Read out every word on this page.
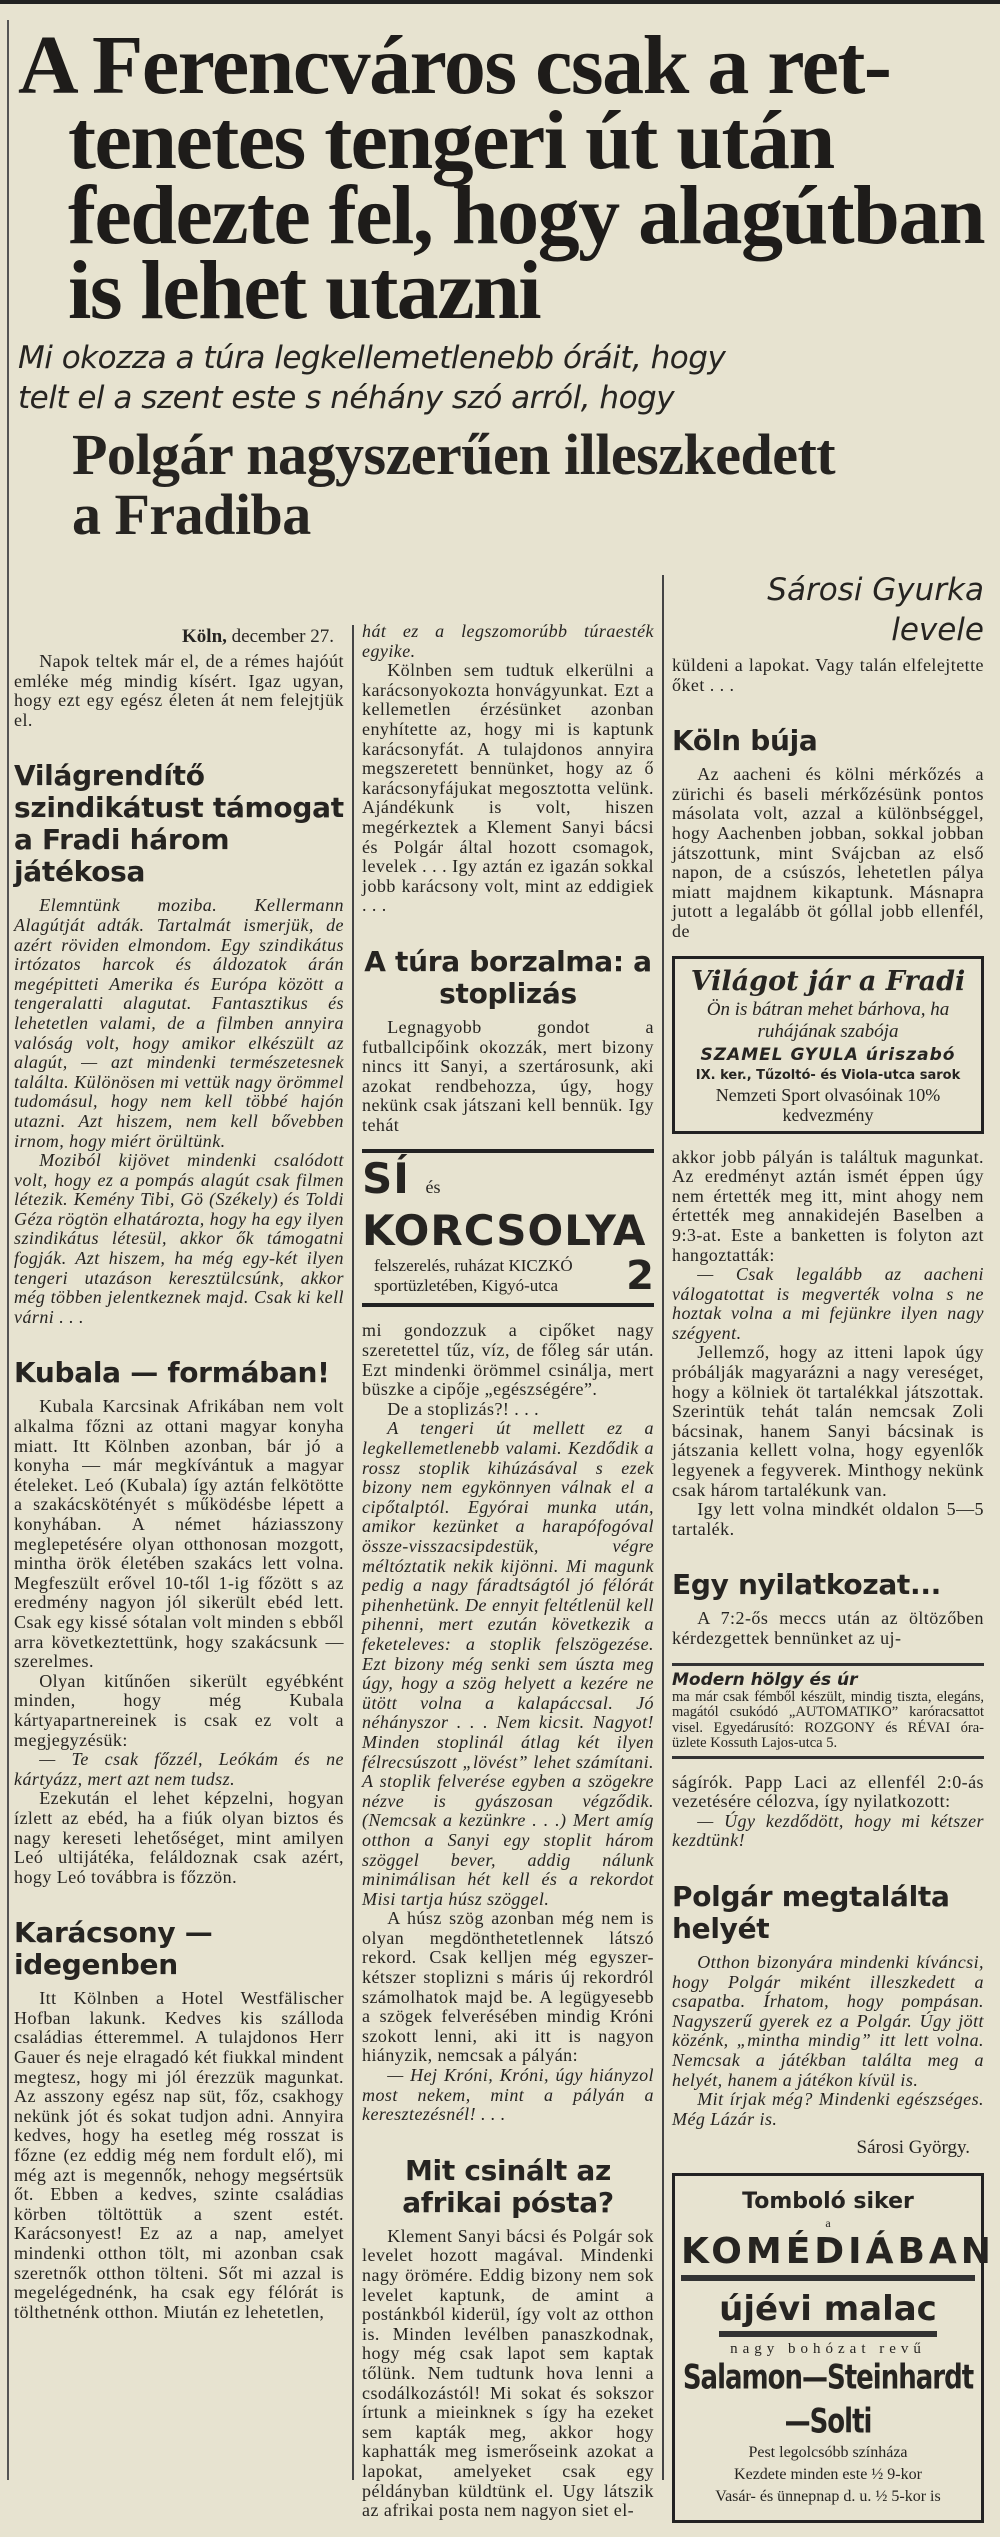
A Ferencváros csak a ret-
tenetes tengeri út után
fedezte fel, hogy alagútban
is lehet utazni
Mi okozza a túra legkellemetlenebb óráit, hogy
telt el a szent este s néhány szó arról, hogy
Polgár nagyszerűen illeszkedett
a Fradiba
Köln, december 27.

Napok teltek már el, de a rémes hajóút emléke még mindig kísért. Igaz ugyan, hogy ezt egy egész életen át nem felejtjük el.

Világrendítő szindikátust támogat a Fradi három játékosa

Elemntünk moziba. Kellermann Alagútját adták. Tartalmát ismerjük, de azért röviden elmondom. Egy szindikátus irtózatos harcok és áldozatok árán megépitteti Amerika és Európa között a tengeralatti alagutat. Fantasztikus és lehetetlen valami, de a filmben annyira valóság volt, hogy amikor elkészült az alagút, — azt mindenki természetesnek találta. Különösen mi vettük nagy örömmel tudomásul, hogy nem kell többé hajón utazni. Azt hiszem, nem kell bővebben irnom, hogy miért örültünk.

Moziból kijövet mindenki csalódott volt, hogy ez a pompás alagút csak filmen létezik. Kemény Tibi, Gö (Székely) és Toldi Géza rögtön elhatározta, hogy ha egy ilyen szindikátus létesül, akkor ők támogatni fogják. Azt hiszem, ha még egy-két ilyen tengeri utazáson keresztülcsúnk, akkor még többen jelentkeznek majd. Csak ki kell várni . . .

Kubala — formában!

Kubala Karcsinak Afrikában nem volt alkalma főzni az ottani magyar konyha miatt. Itt Kölnben azonban, bár jó a konyha — már megkívántuk a magyar ételeket. Leó (Kubala) így aztán felkötötte a szakácskötényét s működésbe lépett a konyhában. A német háziasszony meglepetésére olyan otthonosan mozgott, mintha örök életében szakács lett volna. Megfeszült erővel 10-től 1-ig főzött s az eredmény nagyon jól sikerült ebéd lett. Csak egy kissé sótalan volt minden s ebből arra következtettünk, hogy szakácsunk — szerelmes.

Olyan kitűnően sikerült egyébként minden, hogy még Kubala kártyapartnereinek is csak ez volt a megjegyzésük:

— Te csak főzzél, Leókám és ne kártyázz, mert azt nem tudsz.

Ezekután el lehet képzelni, hogyan ízlett az ebéd, ha a fiúk olyan biztos és nagy kereseti lehetőséget, mint amilyen Leó ultijátéka, feláldoznak csak azért, hogy Leó továbbra is főzzön.

Karácsony — idegenben

Itt Kölnben a Hotel Westfälischer Hofban lakunk. Kedves kis szálloda családias étteremmel. A tulajdonos Herr Gauer és neje elragadó két fiukkal mindent megtesz, hogy mi jól érezzük magunkat. Az asszony egész nap süt, főz, csakhogy nekünk jót és sokat tudjon adni. Annyira kedves, hogy ha esetleg még rosszat is főzne (ez eddig még nem fordult elő), mi még azt is megennők, nehogy megsértsük őt. Ebben a kedves, szinte családias körben töltöttük a szent estét. Karácsonyest! Ez az a nap, amelyet mindenki otthon tölt, mi azonban csak szeretnők otthon tölteni. Sőt mi azzal is megelégednénk, ha csak egy félórát is tölthetnénk otthon. Miután ez lehetetlen,

hát ez a legszomorúbb túraesték egyike.

Kölnben sem tudtuk elkerülni a karácsonyokozta honvágyunkat. Ezt a kellemetlen érzésünket azonban enyhítette az, hogy mi is kaptunk karácsonyfát. A tulajdonos annyira megszeretett bennünket, hogy az ő karácsonyfájukat megosztotta velünk. Ajándékunk is volt, hiszen megérkeztek a Klement Sanyi bácsi és Polgár által hozott csomagok, levelek . . . Igy aztán ez igazán sokkal jobb karácsony volt, mint az eddigiek . . .

A túra borzalma: a stoplizás

Legnagyobb gondot a futballcipőink okozzák, mert bizony nincs itt Sanyi, a szertárosunk, aki azokat rendbehozza, úgy, hogy nekünk csak játszani kell bennük. Igy tehát

SÍ és KORCSOLYA
felszerelés, ruházat KICZKÓ sportüzletében, Kigyó-utca	2

mi gondozzuk a cipőket nagy szeretettel tűz, víz, de főleg sár után. Ezt mindenki örömmel csinálja, mert büszke a cipője „egészségére”.

De a stoplizás?! . . .

A tengeri út mellett ez a legkellemetlenebb valami. Kezdődik a rossz stoplik kihúzásával s ezek bizony nem egykönnyen válnak el a cipőtalptól. Egyórai munka után, amikor kezünket a harapófogóval össze-visszacsipdestük, végre méltóztatik nekik kijönni. Mi magunk pedig a nagy fáradtságtól jó félórát pihenhetünk. De ennyit feltétlenül kell pihenni, mert ezután következik a feketeleves: a stoplik felszögezése. Ezt bizony még senki sem úszta meg úgy, hogy a szög helyett a kezére ne ütött volna a kalapáccsal. Jó néhányszor . . . Nem kicsit. Nagyot! Minden stoplinál átlag két ilyen félrecsúszott „lövést” lehet számítani. A stoplik felverése egyben a szögekre nézve is gyászosan végződik. (Nemcsak a kezünkre . . .) Mert amíg otthon a Sanyi egy stoplit három szöggel bever, addig nálunk minimálisan hét kell és a rekordot Misi tartja húsz szöggel.

A húsz szög azonban még nem is olyan megdönthetetlennek látszó rekord. Csak kelljen még egyszer-kétszer stoplizni s máris új rekordról számolhatok majd be. A legügyesebb a szögek felverésében mindig Króni szokott lenni, aki itt is nagyon hiányzik, nemcsak a pályán:

— Hej Króni, Króni, úgy hiányzol most nekem, mint a pályán a keresztezésnél! . . .

Mit csinált az afrikai pósta?

Klement Sanyi bácsi és Polgár sok levelet hozott magával. Mindenki nagy örömére. Eddig bizony nem sok levelet kaptunk, de amint a postánkból kiderül, így volt az otthon is. Minden levélben panaszkodnak, hogy még csak lapot sem kaptak tőlünk. Nem tudtunk hova lenni a csodálkozástól! Mi sokat és sokszor írtunk a mieinknek s így ha ezeket sem kapták meg, akkor hogy kaphatták meg ismerőseink azokat a lapokat, amelyeket csak egy példányban küldtünk el. Ugy látszik az afrikai posta nem nagyon siet el-

Sárosi Gyurka levele

küldeni a lapokat. Vagy talán elfelejtette őket . . .

Köln búja

Az aacheni és kölni mérkőzés a zürichi és baseli mérkőzésünk pontos másolata volt, azzal a különbséggel, hogy Aachenben jobban, sokkal jobban játszottunk, mint Svájcban az első napon, de a csúszós, lehetetlen pálya miatt majdnem kikaptunk. Másnapra jutott a legalább öt góllal jobb ellenfél, de

Világot jár a Fradi
Ön is bátran mehet bárhova, ha ruhájának szabója
SZAMEL GYULA úriszabó
IX. ker., Tűzoltó- és Viola-utca sarok
Nemzeti Sport olvasóinak 10% kedvezmény

akkor jobb pályán is találtuk magunkat. Az eredményt aztán ismét éppen úgy nem értették meg itt, mint ahogy nem értették meg annakidején Baselben a 9:3-at. Este a banketten is folyton azt hangoztatták:

— Csak legalább az aacheni válogatottat is megverték volna s ne hoztak volna a mi fejünkre ilyen nagy szégyent.

Jellemző, hogy az itteni lapok úgy próbálják magyarázni a nagy vereséget, hogy a kölniek öt tartalékkal játszottak. Szerintük tehát talán nemcsak Zoli bácsinak, hanem Sanyi bácsinak is játszania kellett volna, hogy egyenlők legyenek a fegyverek. Minthogy nekünk csak három tartalékunk van.

Igy lett volna mindkét oldalon 5—5 tartalék.

Egy nyilatkozat...

A 7:2-ős meccs után az öltözőben kérdezgettek bennünket az uj-

Modern hölgy és úr
ma már csak fémből készült, mindig tiszta, elegáns, magától csukódó „AUTOMATIKO” karóracsattot visel. Egyedárusító: ROZGONY és RÉVAI óra-üzlete Kossuth Lajos-utca 5.

ságírók. Papp Laci az ellenfél 2:0-ás vezetésére célozva, így nyilatkozott:

— Úgy kezdődött, hogy mi kétszer kezdtünk!

Polgár megtalálta helyét

Otthon bizonyára mindenki kíváncsi, hogy Polgár miként illeszkedett a csapatba. Írhatom, hogy pompásan. Nagyszerű gyerek ez a Polgár. Úgy jött közénk, „mintha mindig” itt lett volna. Nemcsak a játékban találta meg a helyét, hanem a játékon kívül is.

Mit írjak még? Mindenki egészséges. Még Lázár is.

Sárosi György.
Tomboló siker
a
KOMÉDIÁBAN
újévi malac
nagy bohózat revű
Salamon—Steinhardt—Solti
Pest legolcsóbb színháza
Kezdete minden este ½ 9-kor
Vasár- és ünnepnap d. u. ½ 5-kor is
